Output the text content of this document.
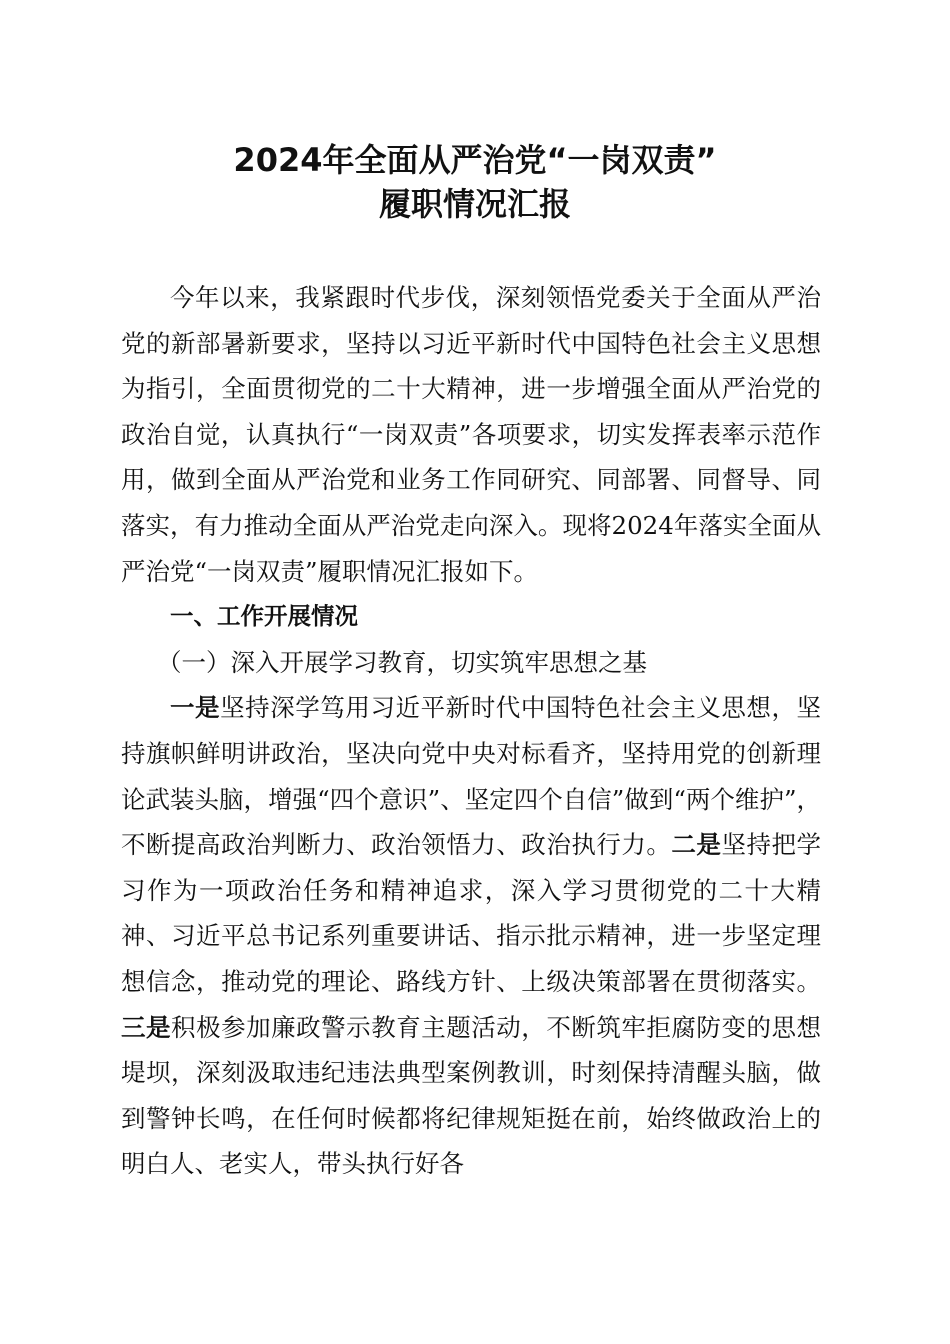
2024年全面从严治党“一岗双责”
履职情况汇报

今年以来，我紧跟时代步伐，深刻领悟党委关于全面从严治党的新部暑新要求，坚持以习近平新时代中国特色社会主义思想为指引，全面贯彻党的二十大精神，进一步增强全面从严治党的政治自觉，认真执行“一岗双责”各项要求，切实发挥表率示范作用，做到全面从严治党和业务工作同研究、同部署、同督导、同落实，有力推动全面从严治党走向深入。现将2024年落实全面从严治党“一岗双责”履职情况汇报如下。

一、工作开展情况

（一）深入开展学习教育，切实筑牢思想之基

一是坚持深学笃用习近平新时代中国特色社会主义思想，坚持旗帜鲜明讲政治，坚决向党中央对标看齐，坚持用党的创新理论武装头脑，增强“四个意识”、坚定四个自信”做到“两个维护”，不断提高政治判断力、政治领悟力、政治执行力。二是坚持把学习作为一项政治任务和精神追求，深入学习贯彻党的二十大精神、习近平总书记系列重要讲话、指示批示精神，进一步坚定理想信念，推动党的理论、路线方针、上级决策部署在贯彻落实。三是积极参加廉政警示教育主题活动，不断筑牢拒腐防变的思想堤坝，深刻汲取违纪违法典型案例教训，时刻保持清醒头脑，做到警钟长鸣，在任何时候都将纪律规矩挺在前，始终做政治上的明白人、老实人，带头执行好各
